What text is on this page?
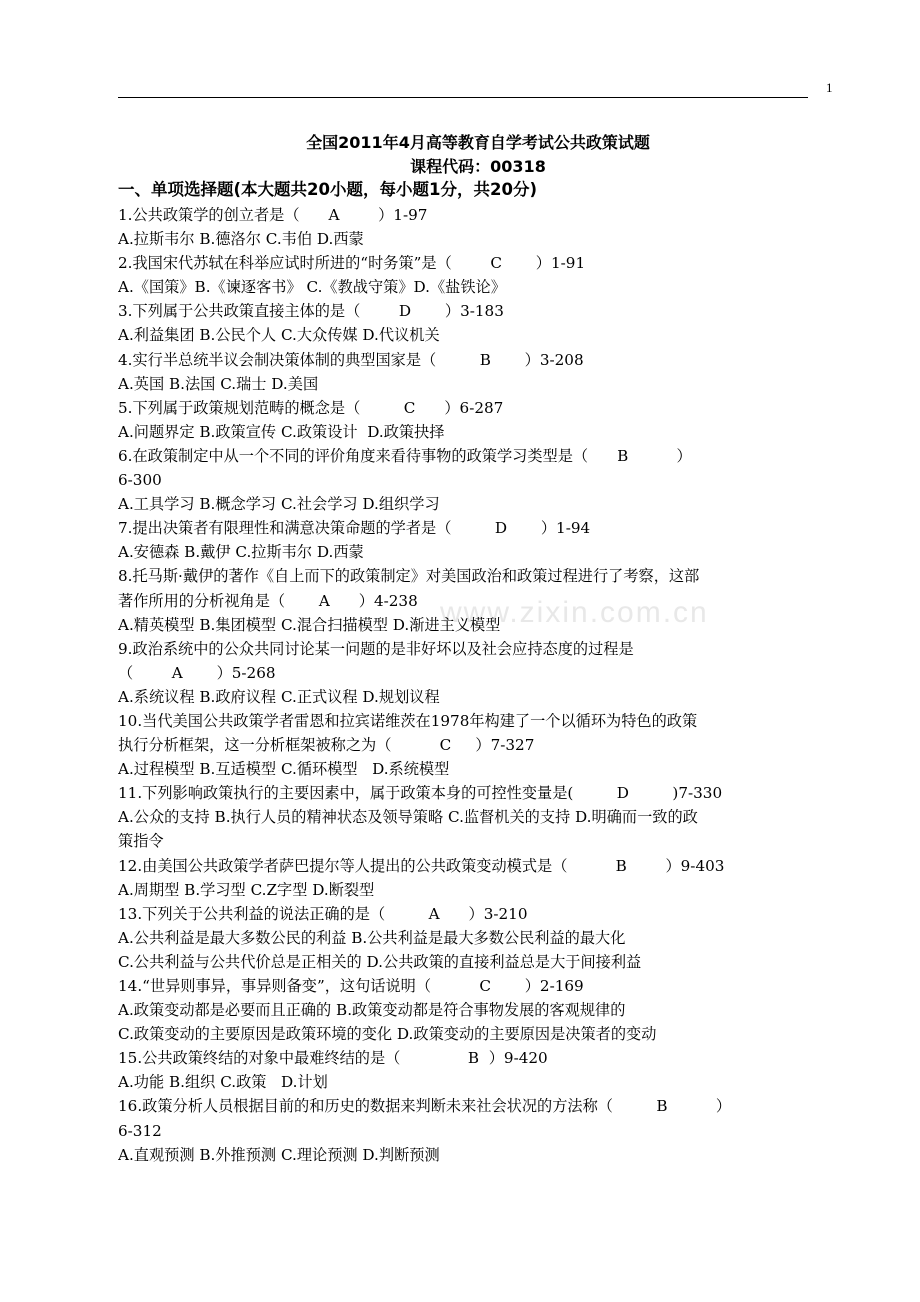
1
全国2011年4月高等教育自学考试公共政策试题
课程代码：00318
一、单项选择题(本大题共20小题，每小题1分，共20分)
www.zixin.com.cn
1.公共政策学的创立者是（      A        ）1-97
A.拉斯韦尔 B.德洛尔 C.韦伯 D.西蒙
2.我国宋代苏轼在科举应试时所进的“时务策”是（        C       ）1-91
A.《国策》B.《谏逐客书》 C.《教战守策》D.《盐铁论》
3.下列属于公共政策直接主体的是（        D       ）3-183
A.利益集团 B.公民个人 C.大众传媒 D.代议机关
4.实行半总统半议会制决策体制的典型国家是（         B       ）3-208
A.英国 B.法国 C.瑞士 D.美国
5.下列属于政策规划范畴的概念是（         C      ）6-287
A.问题界定 B.政策宣传 C.政策设计  D.政策抉择
6.在政策制定中从一个不同的评价角度来看待事物的政策学习类型是（      B          ）
6-300
A.工具学习 B.概念学习 C.社会学习 D.组织学习
7.提出决策者有限理性和满意决策命题的学者是（         D       ）1-94
A.安德森 B.戴伊 C.拉斯韦尔 D.西蒙
8.托马斯·戴伊的著作《自上而下的政策制定》对美国政治和政策过程进行了考察，这部
著作所用的分析视角是（       A      ）4-238
A.精英模型 B.集团模型 C.混合扫描模型 D.渐进主义模型
9.政治系统中的公众共同讨论某一问题的是非好坏以及社会应持态度的过程是
（        A       ）5-268
A.系统议程 B.政府议程 C.正式议程 D.规划议程
10.当代美国公共政策学者雷恩和拉宾诺维茨在1978年构建了一个以循环为特色的政策
执行分析框架，这一分析框架被称之为（          C     ）7-327
A.过程模型 B.互适模型 C.循环模型   D.系统模型
11.下列影响政策执行的主要因素中，属于政策本身的可控性变量是(         D         )7-330
A.公众的支持 B.执行人员的精神状态及领导策略 C.监督机关的支持 D.明确而一致的政
策指令
12.由美国公共政策学者萨巴提尔等人提出的公共政策变动模式是（          B        ）9-403
A.周期型 B.学习型 C.Z字型 D.断裂型
13.下列关于公共利益的说法正确的是（         A      ）3-210
A.公共利益是最大多数公民的利益 B.公共利益是最大多数公民利益的最大化
C.公共利益与公共代价总是正相关的 D.公共政策的直接利益总是大于间接利益
14.“世异则事异，事异则备变”，这句话说明（          C       ）2-169
A.政策变动都是必要而且正确的 B.政策变动都是符合事物发展的客观规律的
C.政策变动的主要原因是政策环境的变化 D.政策变动的主要原因是决策者的变动
15.公共政策终结的对象中最难终结的是（              B  ）9-420
A.功能 B.组织 C.政策   D.计划
16.政策分析人员根据目前的和历史的数据来判断未来社会状况的方法称（         B          ）
6-312
A.直观预测 B.外推预测 C.理论预测 D.判断预测
